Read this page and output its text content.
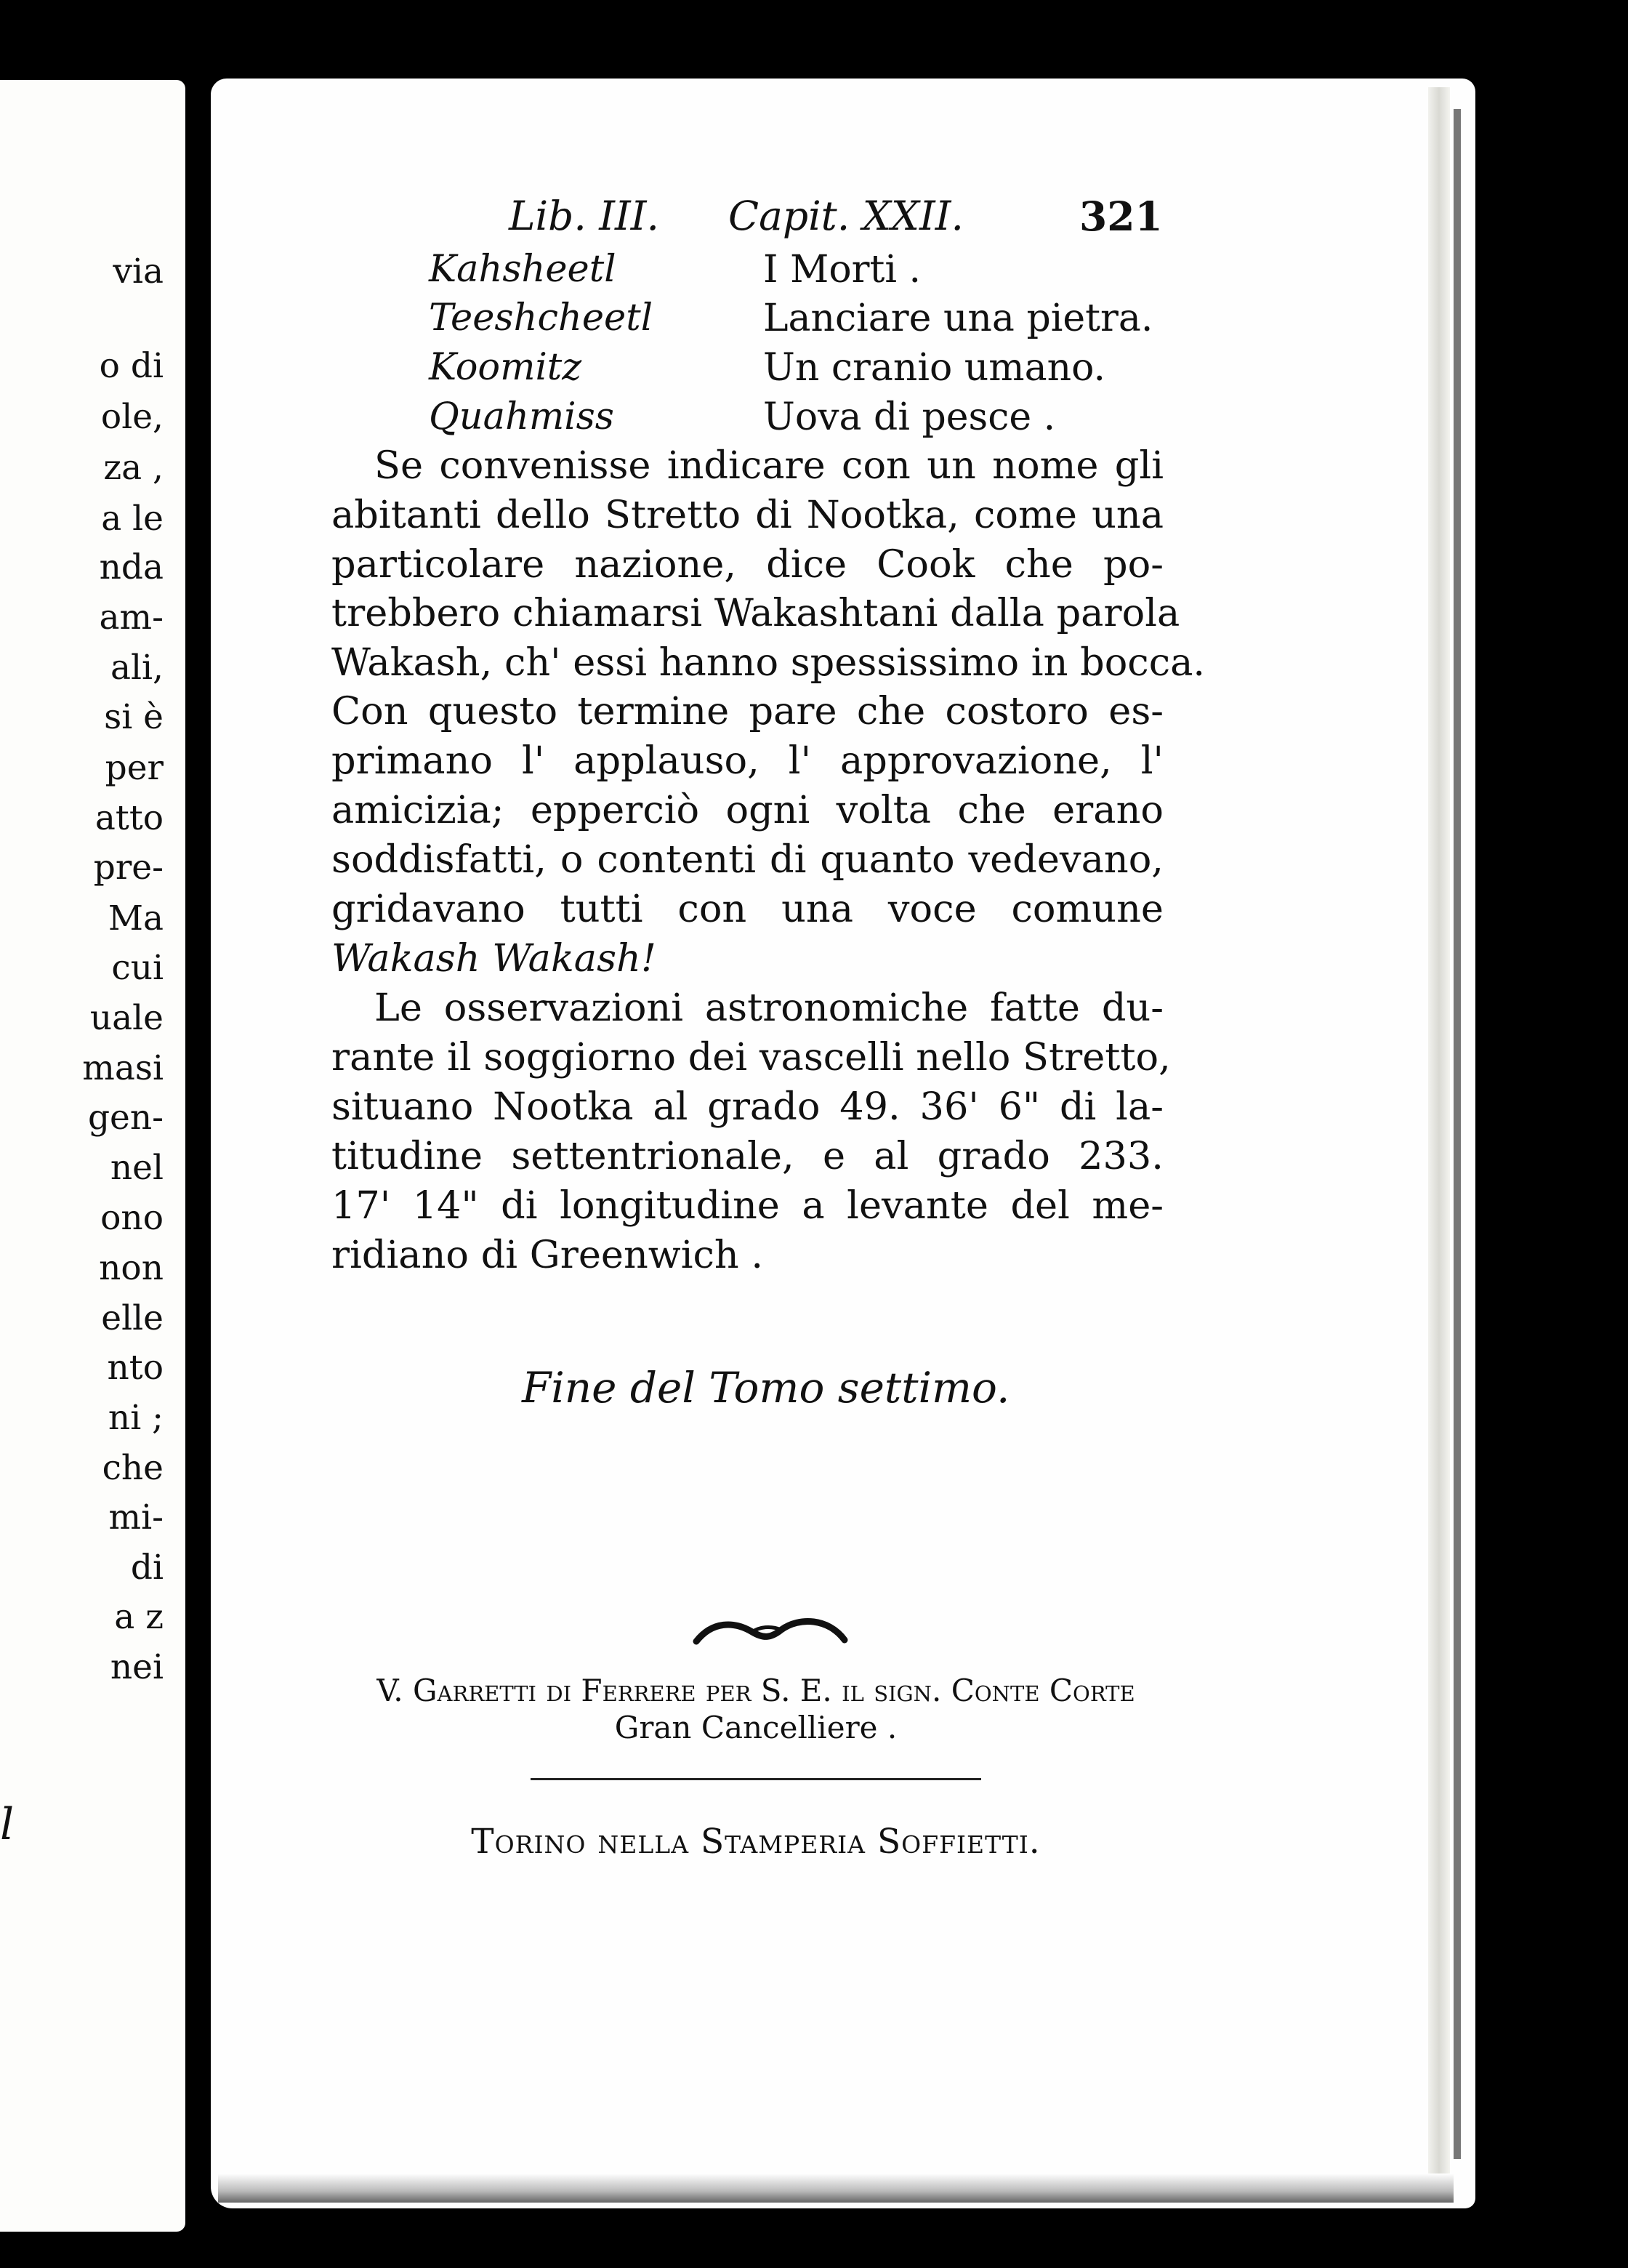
via
o di
ole,
za ,
a le
nda
am-
ali,
si è
per
atto
pre-
Ma
cui
uale
masi
gen-
nel
ono
non
elle
nto
ni ;
che
mi-
di
a z
nei
l
Lib. III. Capit. XXII.	321
Kahsheetl	I Morti .
Teeshcheetl	Lanciare una pietra.
Koomitz	Un cranio umano.
Quahmiss	Uova di pesce .
Se convenisse indicare con un nome gli
abitanti dello Stretto di Nootka, come una
particolare nazione, dice Cook che po-
trebbero chiamarsi Wakashtani dalla parola
Wakash, ch' essi hanno spessissimo in bocca.
Con questo termine pare che costoro es-
primano l' applauso, l' approvazione, l'
amicizia; epperciò ogni volta che erano
soddisfatti, o contenti di quanto vedevano,
gridavano tutti con una voce comune
Wakash Wakash!
Le osservazioni astronomiche fatte du-
rante il soggiorno dei vascelli nello Stretto,
situano Nootka al grado 49. 36' 6" di la-
titudine settentrionale, e al grado 233.
17' 14" di longitudine a levante del me-
ridiano di Greenwich .
Fine del Tomo settimo.
V. Garretti di Ferrere per S. E. il sign. Conte Corte
Gran Cancelliere .
Torino nella Stamperia Soffietti.
